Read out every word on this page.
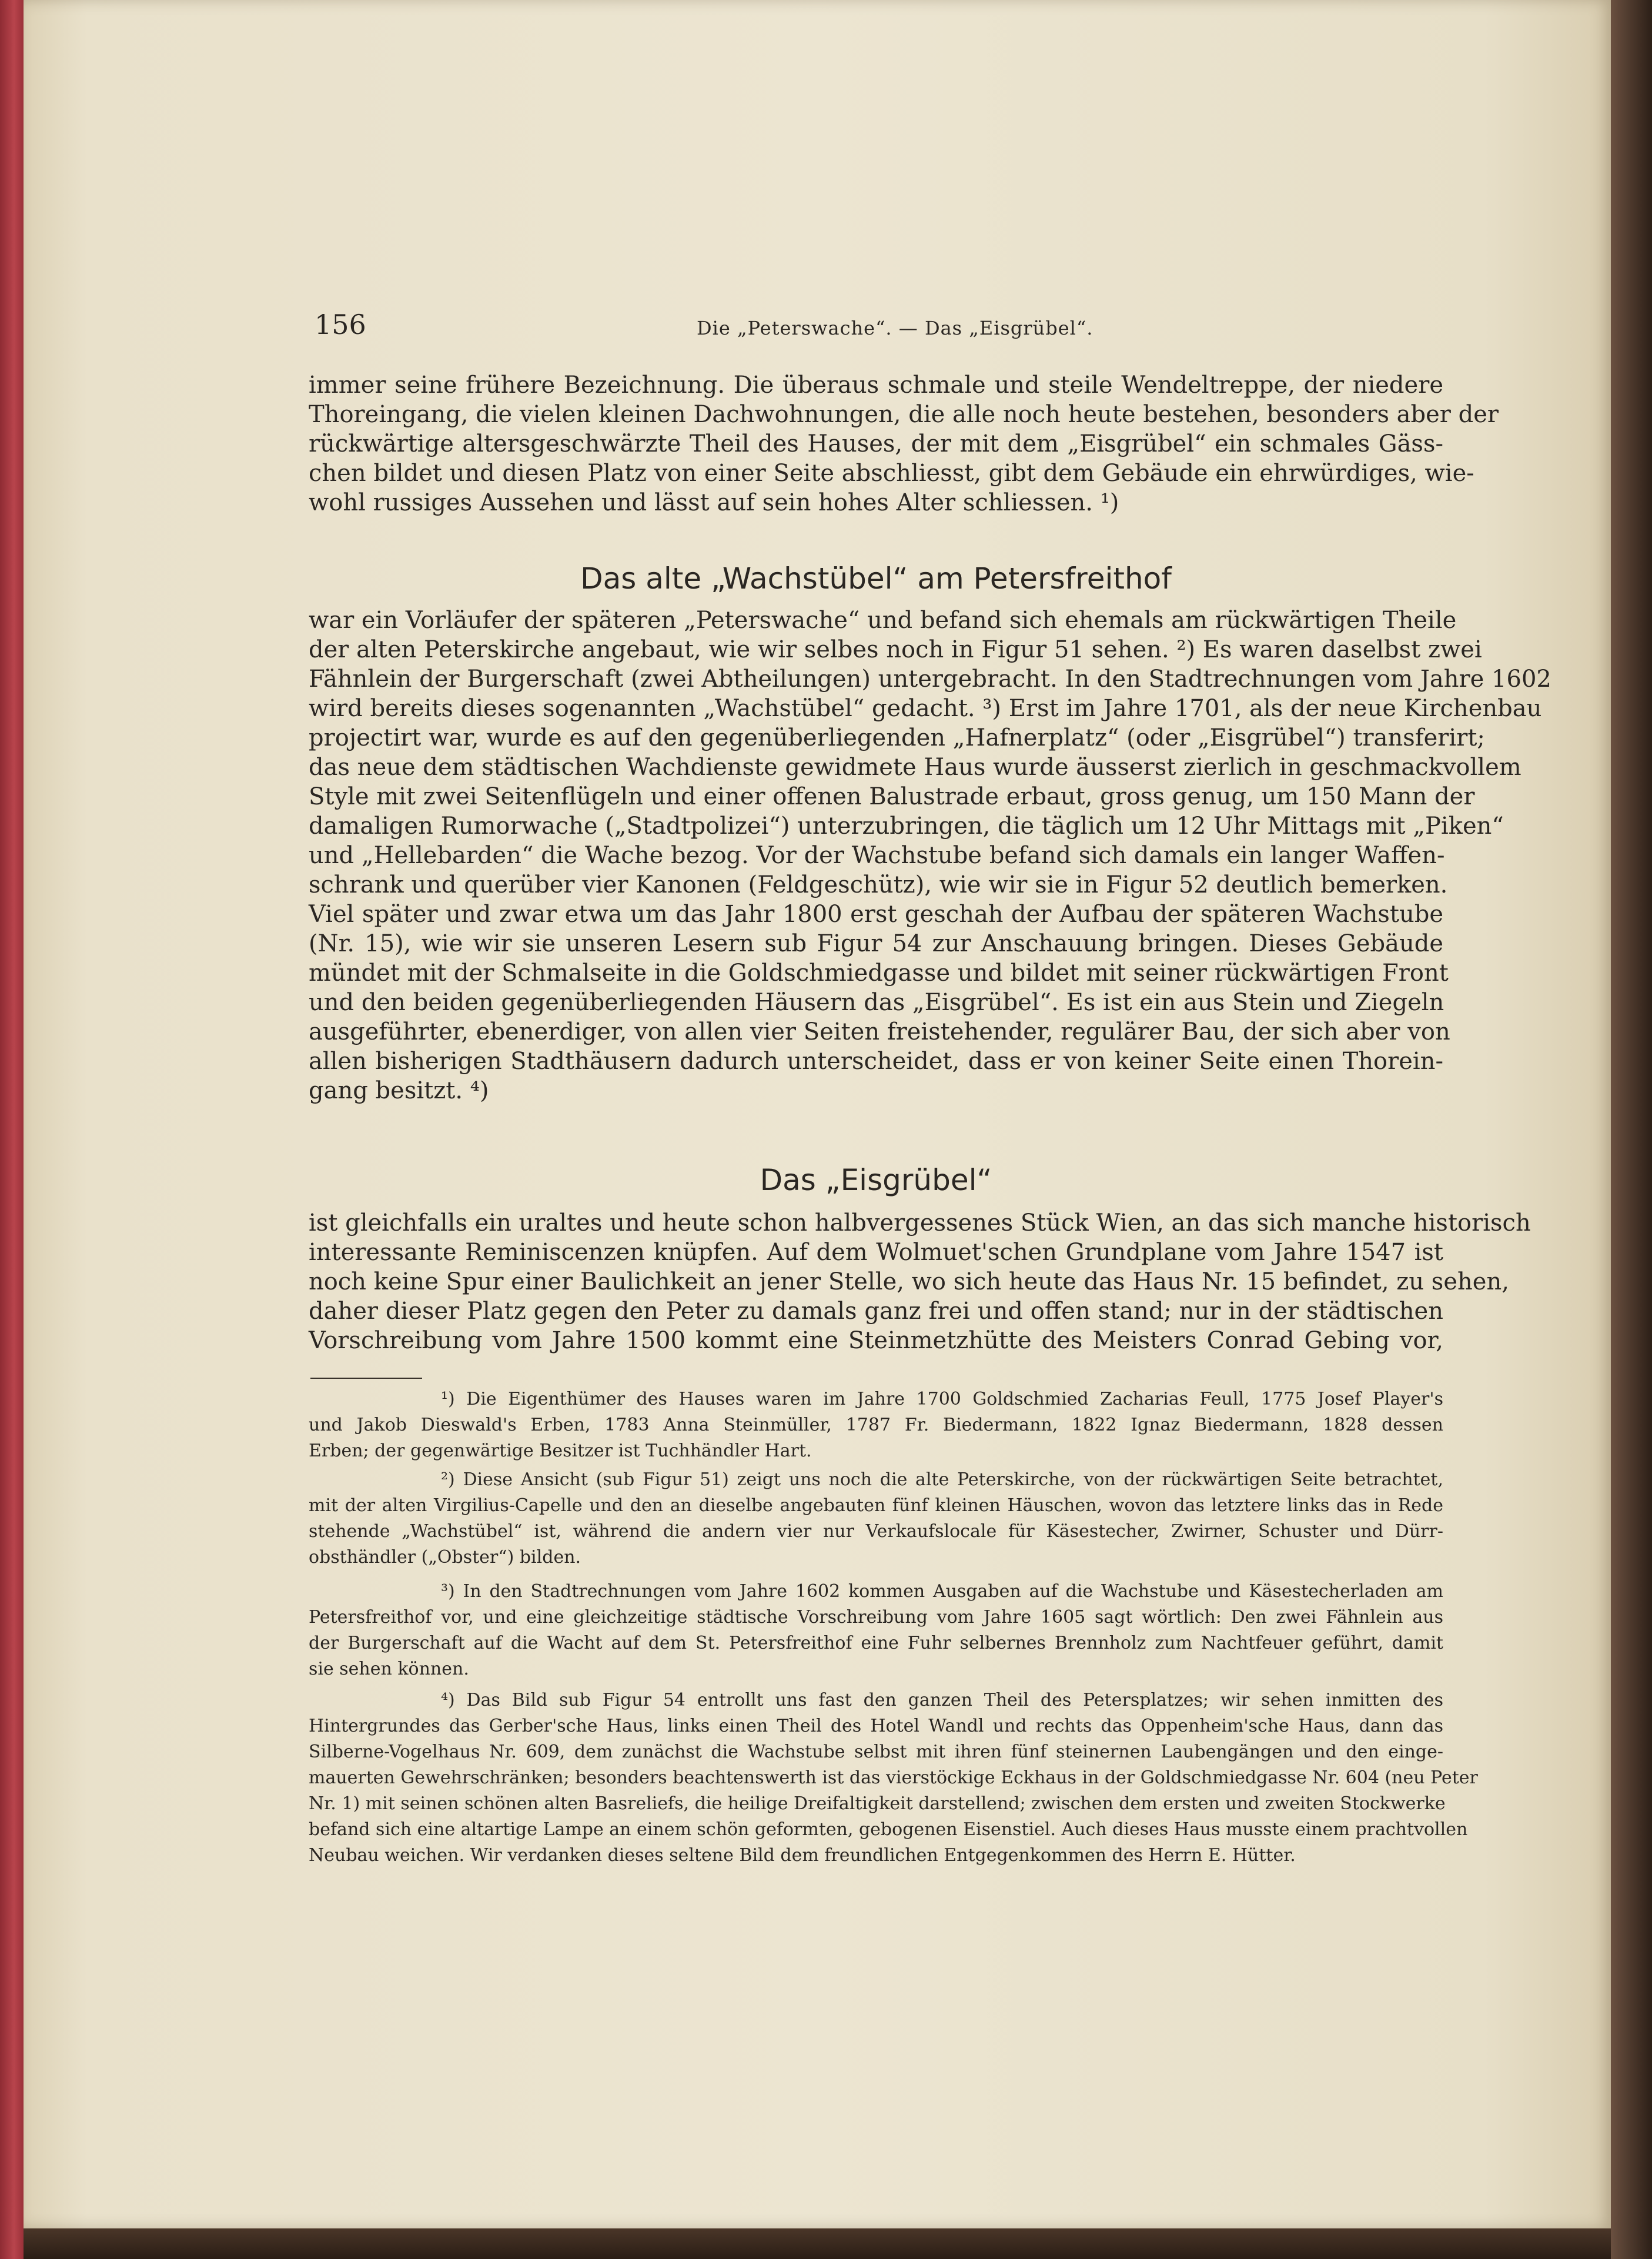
156	Die „Peterswache“. — Das „Eisgrübel“.
immer seine frühere Bezeichnung. Die überaus schmale und steile Wendeltreppe, der niedere
Thoreingang, die vielen kleinen Dachwohnungen, die alle noch heute bestehen, besonders aber der
rückwärtige altersgeschwärzte Theil des Hauses, der mit dem „Eisgrübel“ ein schmales Gäss-
chen bildet und diesen Platz von einer Seite abschliesst, gibt dem Gebäude ein ehrwürdiges, wie-
wohl russiges Aussehen und lässt auf sein hohes Alter schliessen. ¹)
Das alte „Wachstübel“ am Petersfreithof
war ein Vorläufer der späteren „Peterswache“ und befand sich ehemals am rückwärtigen Theile
der alten Peterskirche angebaut, wie wir selbes noch in Figur 51 sehen. ²) Es waren daselbst zwei
Fähnlein der Burgerschaft (zwei Abtheilungen) untergebracht. In den Stadtrechnungen vom Jahre 1602
wird bereits dieses sogenannten „Wachstübel“ gedacht. ³) Erst im Jahre 1701, als der neue Kirchenbau
projectirt war, wurde es auf den gegenüberliegenden „Hafnerplatz“ (oder „Eisgrübel“) transferirt;
das neue dem städtischen Wachdienste gewidmete Haus wurde äusserst zierlich in geschmackvollem
Style mit zwei Seitenflügeln und einer offenen Balustrade erbaut, gross genug, um 150 Mann der
damaligen Rumorwache („Stadtpolizei“) unterzubringen, die täglich um 12 Uhr Mittags mit „Piken“
und „Hellebarden“ die Wache bezog. Vor der Wachstube befand sich damals ein langer Waffen-
schrank und querüber vier Kanonen (Feldgeschütz), wie wir sie in Figur 52 deutlich bemerken.
Viel später und zwar etwa um das Jahr 1800 erst geschah der Aufbau der späteren Wachstube
(Nr. 15), wie wir sie unseren Lesern sub Figur 54 zur Anschauung bringen. Dieses Gebäude
mündet mit der Schmalseite in die Goldschmiedgasse und bildet mit seiner rückwärtigen Front
und den beiden gegenüberliegenden Häusern das „Eisgrübel“. Es ist ein aus Stein und Ziegeln
ausgeführter, ebenerdiger, von allen vier Seiten freistehender, regulärer Bau, der sich aber von
allen bisherigen Stadthäusern dadurch unterscheidet, dass er von keiner Seite einen Thorein-
gang besitzt. ⁴)
Das „Eisgrübel“
ist gleichfalls ein uraltes und heute schon halbvergessenes Stück Wien, an das sich manche historisch
interessante Reminiscenzen knüpfen. Auf dem Wolmuet'schen Grundplane vom Jahre 1547 ist
noch keine Spur einer Baulichkeit an jener Stelle, wo sich heute das Haus Nr. 15 befindet, zu sehen,
daher dieser Platz gegen den Peter zu damals ganz frei und offen stand; nur in der städtischen
Vorschreibung vom Jahre 1500 kommt eine Steinmetzhütte des Meisters Conrad Gebing vor,
¹) Die Eigenthümer des Hauses waren im Jahre 1700 Goldschmied Zacharias Feull, 1775 Josef Player's
und Jakob Dieswald's Erben, 1783 Anna Steinmüller, 1787 Fr. Biedermann, 1822 Ignaz Biedermann, 1828 dessen
Erben; der gegenwärtige Besitzer ist Tuchhändler Hart.
²) Diese Ansicht (sub Figur 51) zeigt uns noch die alte Peterskirche, von der rückwärtigen Seite betrachtet,
mit der alten Virgilius-Capelle und den an dieselbe angebauten fünf kleinen Häuschen, wovon das letztere links das in Rede
stehende „Wachstübel“ ist, während die andern vier nur Verkaufslocale für Käsestecher, Zwirner, Schuster und Dürr-
obsthändler („Obster“) bilden.
³) In den Stadtrechnungen vom Jahre 1602 kommen Ausgaben auf die Wachstube und Käsestecherladen am
Petersfreithof vor, und eine gleichzeitige städtische Vorschreibung vom Jahre 1605 sagt wörtlich: Den zwei Fähnlein aus
der Burgerschaft auf die Wacht auf dem St. Petersfreithof eine Fuhr selbernes Brennholz zum Nachtfeuer geführt, damit
sie sehen können.
⁴) Das Bild sub Figur 54 entrollt uns fast den ganzen Theil des Petersplatzes; wir sehen inmitten des
Hintergrundes das Gerber'sche Haus, links einen Theil des Hotel Wandl und rechts das Oppenheim'sche Haus, dann das
Silberne-Vogelhaus Nr. 609, dem zunächst die Wachstube selbst mit ihren fünf steinernen Laubengängen und den einge-
mauerten Gewehrschränken; besonders beachtenswerth ist das vierstöckige Eckhaus in der Goldschmiedgasse Nr. 604 (neu Peter
Nr. 1) mit seinen schönen alten Basreliefs, die heilige Dreifaltigkeit darstellend; zwischen dem ersten und zweiten Stockwerke
befand sich eine altartige Lampe an einem schön geformten, gebogenen Eisenstiel. Auch dieses Haus musste einem prachtvollen
Neubau weichen. Wir verdanken dieses seltene Bild dem freundlichen Entgegenkommen des Herrn E. Hütter.
